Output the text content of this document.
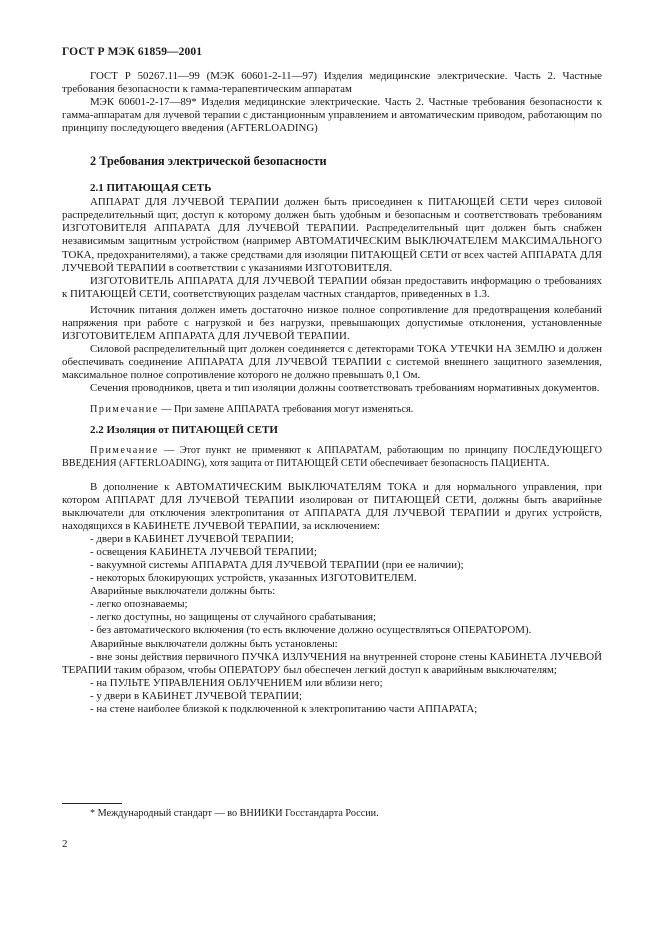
ГОСТ Р МЭК 61859—2001

ГОСТ Р 50267.11—99 (МЭК 60601-2-11—97) Изделия медицинские электрические. Часть 2. Частные требования безопасности к гамма-терапевтическим аппаратам

МЭК 60601-2-17—89* Изделия медицинские электрические. Часть 2. Частные требования безопасности к гамма-аппаратам для лучевой терапии с дистанционным управлением и автоматическим приводом, работающим по принципу последующего введения (AFTERLOADING)

2 Требования электрической безопасности

2.1 ПИТАЮЩАЯ СЕТЬ

АППАРАТ ДЛЯ ЛУЧЕВОЙ ТЕРАПИИ должен быть присоединен к ПИТАЮЩЕЙ СЕТИ через силовой распределительный щит, доступ к которому должен быть удобным и безопасным и соответствовать требованиям ИЗГОТОВИТЕЛЯ АППАРАТА ДЛЯ ЛУЧЕВОЙ ТЕРАПИИ. Распределительный щит должен быть снабжен независимым защитным устройством (например АВТОМАТИЧЕСКИМ ВЫКЛЮЧАТЕЛЕМ МАКСИМАЛЬНОГО ТОКА, предохранителями), а также средствами для изоляции ПИТАЮЩЕЙ СЕТИ от всех частей АППАРАТА ДЛЯ ЛУЧЕВОЙ ТЕРАПИИ в соответствии с указаниями ИЗГОТОВИТЕЛЯ.

ИЗГОТОВИТЕЛЬ АППАРАТА ДЛЯ ЛУЧЕВОЙ ТЕРАПИИ обязан предоставить информацию о требованиях к ПИТАЮЩЕЙ СЕТИ, соответствующих разделам частных стандартов, приведенных в 1.3.

Источник питания должен иметь достаточно низкое полное сопротивление для предотвращения колебаний напряжения при работе с нагрузкой и без нагрузки, превышающих допустимые отклонения, установленные ИЗГОТОВИТЕЛЕМ АППАРАТА ДЛЯ ЛУЧЕВОЙ ТЕРАПИИ.

Силовой распределительный щит должен соединяется с детекторами ТОКА УТЕЧКИ НА ЗЕМЛЮ и должен обеспечивать соединение АППАРАТА ДЛЯ ЛУЧЕВОЙ ТЕРАПИИ с системой внешнего защитного заземления, максимальное полное сопротивление которого не должно превышать 0,1 Ом.

Сечения проводников, цвета и тип изоляции должны соответствовать требованиям нормативных документов.

Примечание — При замене АППАРАТА требования могут изменяться.

2.2 Изоляция от ПИТАЮЩЕЙ СЕТИ

Примечание — Этот пункт не применяют к АППАРАТАМ, работающим по принципу ПОСЛЕДУЮЩЕГО ВВЕДЕНИЯ (AFTERLOADING), хотя защита от ПИТАЮЩЕЙ СЕТИ обеспечивает безопасность ПАЦИЕНТА.

В дополнение к АВТОМАТИЧЕСКИМ ВЫКЛЮЧАТЕЛЯМ ТОКА и для нормального управления, при котором АППАРАТ ДЛЯ ЛУЧЕВОЙ ТЕРАПИИ изолирован от ПИТАЮЩЕЙ СЕТИ, должны быть аварийные выключатели для отключения электропитания от АППАРАТА ДЛЯ ЛУЧЕВОЙ ТЕРАПИИ и других устройств, находящихся в КАБИНЕТЕ ЛУЧЕВОЙ ТЕРАПИИ, за исключением:

- двери в КАБИНЕТ ЛУЧЕВОЙ ТЕРАПИИ;

- освещения КАБИНЕТА ЛУЧЕВОЙ ТЕРАПИИ;

- вакуумной системы АППАРАТА ДЛЯ ЛУЧЕВОЙ ТЕРАПИИ (при ее наличии);

- некоторых блокирующих устройств, указанных ИЗГОТОВИТЕЛЕМ.

Аварийные выключатели должны быть:

- легко опознаваемы;

- легко доступны, но защищены от случайного срабатывания;

- без автоматического включения (то есть включение должно осуществляться ОПЕРАТОРОМ).

Аварийные выключатели должны быть установлены:

- вне зоны действия первичного ПУЧКА ИЗЛУЧЕНИЯ на внутренней стороне стены КАБИНЕТА ЛУЧЕВОЙ ТЕРАПИИ таким образом, чтобы ОПЕРАТОРУ был обеспечен легкий доступ к аварийным выключателям;

- на ПУЛЬТЕ УПРАВЛЕНИЯ ОБЛУЧЕНИЕМ или вблизи него;

- у двери в КАБИНЕТ ЛУЧЕВОЙ ТЕРАПИИ;

- на стене наиболее близкой к подключенной к электропитанию части АППАРАТА;

* Международный стандарт — во ВНИИКИ Госстандарта России.
2
